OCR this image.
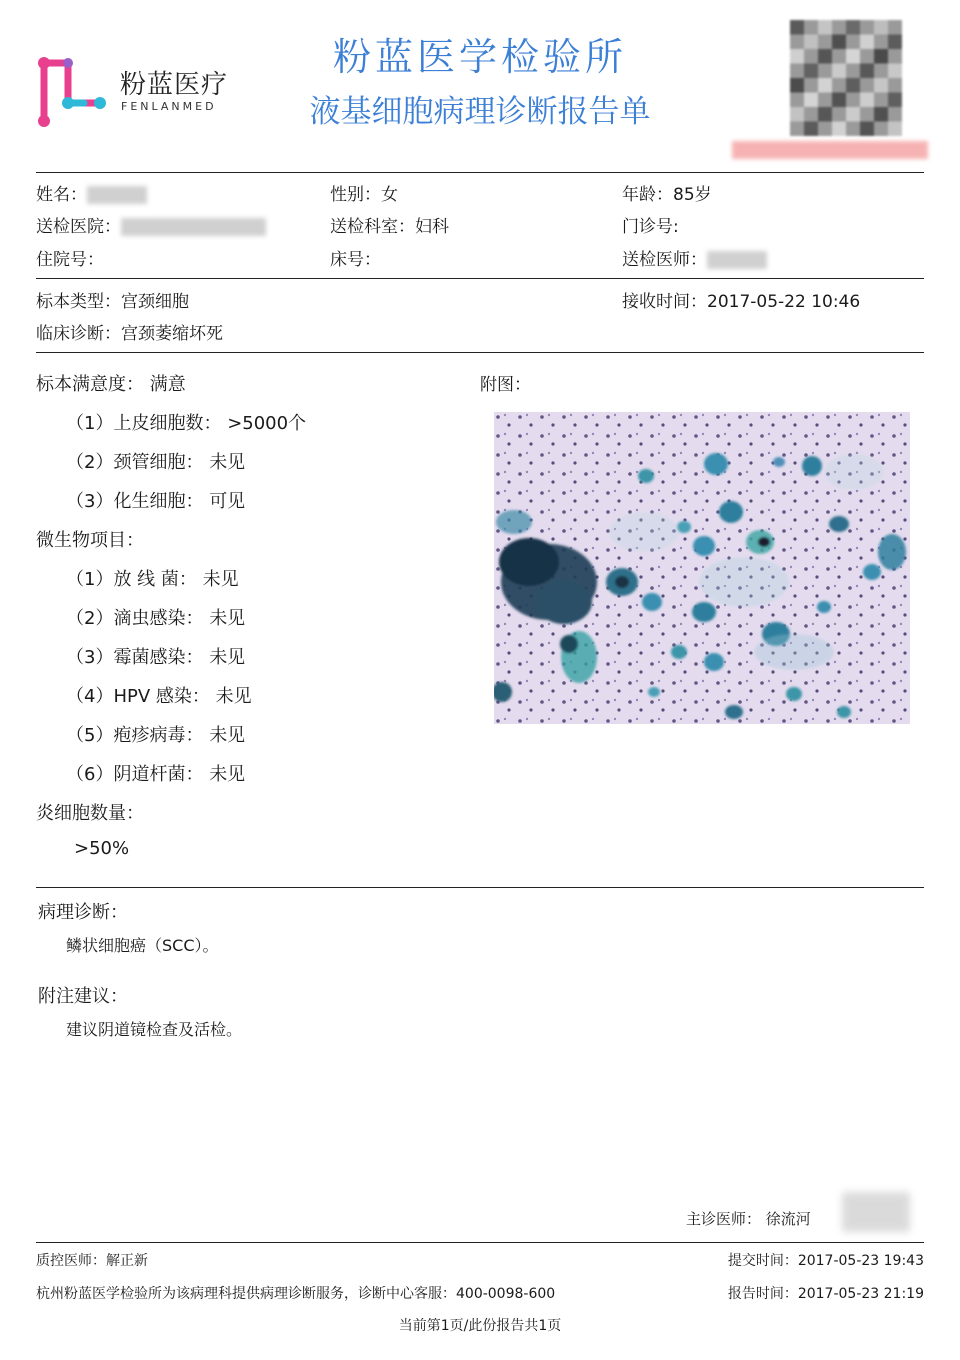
粉蓝医疗
FENLANMED
粉蓝医学检验所
液基细胞病理诊断报告单
姓名：	性别：女	年龄：85岁
送检医院：	送检科室：妇科	门诊号:
住院号：	床号：	送检医师：
标本类型：宫颈细胞	接收时间：2017-05-22 10:46
临床诊断：宫颈萎缩坏死
标本满意度： 满意
（1）上皮细胞数： >5000个
（2）颈管细胞： 未见
（3）化生细胞： 可见
微生物项目：
（1）放 线 菌： 未见
（2）滴虫感染： 未见
（3）霉菌感染： 未见
（4）HPV 感染： 未见
（5）疱疹病毒： 未见
（6）阴道杆菌： 未见
炎细胞数量：
>50%
附图：
病理诊断：
鳞状细胞癌（SCC）。
附注建议：
建议阴道镜检查及活检。
主诊医师： 徐流河
质控医师：解正新	提交时间：2017-05-23 19:43
杭州粉蓝医学检验所为该病理科提供病理诊断服务，诊断中心客服：400-0098-600	报告时间：2017-05-23 21:19
当前第1页/此份报告共1页
